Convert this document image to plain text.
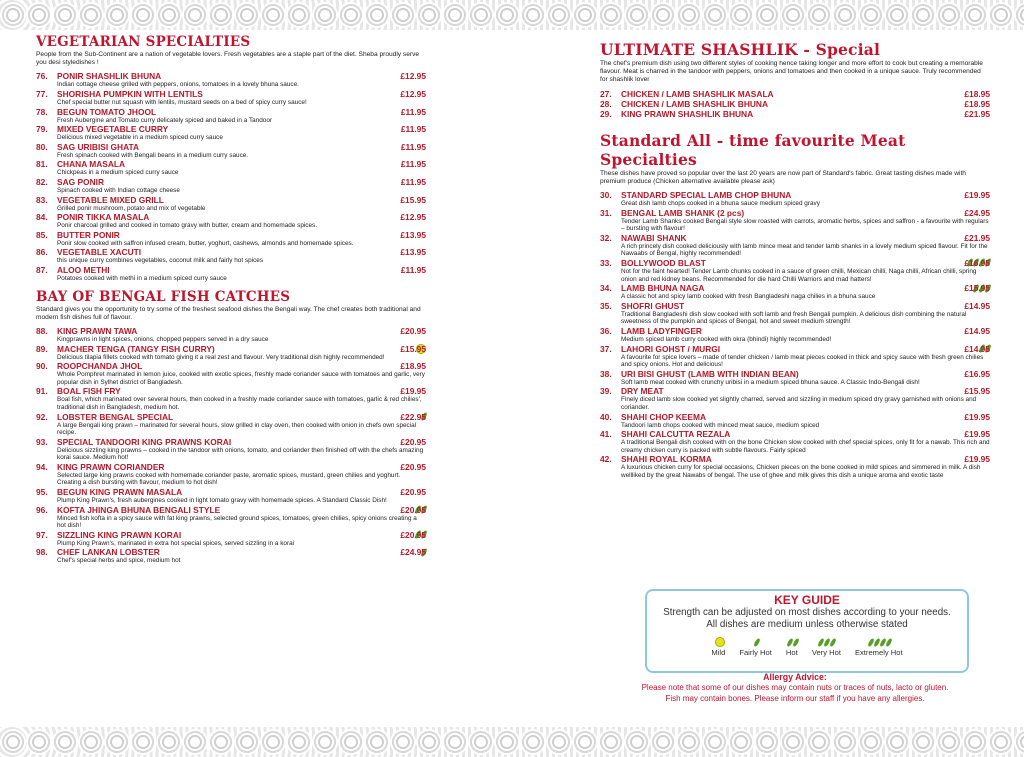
VEGETARIAN SPECIALTIES
People from the Sub-Continent are a nation of vegetable lovers. Fresh vegetables are a staple part of the diet. Sheba proudly serve you desi styledishes !
76.	PONIR SHASHLIK BHUNA	£12.95
Indian cottage cheese grilled with peppers, onions, tomatoes in a lovely bhuna sauce.
77.	SHORISHA PUMPKIN WITH LENTILS	£12.95
Chef special butter nut squash with lentils, mustard seeds on a bed of spicy curry sauce!
78.	BEGUN TOMATO JHOOL	£11.95
Fresh Aubergine and Tomato curry delicately spiced and baked in a Tandoor
79.	MIXED VEGETABLE CURRY	£11.95
Delicious mixed vegetable in a medium spiced curry sauce
80.	SAG URIBISI GHATA	£11.95
Fresh spinach cooked with Bengali beans in a medium curry sauce.
81.	CHANA MASALA	£11.95
Chickpeas in a medium spiced curry sauce
82.	SAG PONIR	£11.95
Spinach cooked with Indian cottage cheese
83.	VEGETABLE MIXED GRILL	£15.95
Grilled ponir mushroom, potato and mix of vegetable
84.	PONIR TIKKA MASALA	£12.95
Ponir charcoal grilled and cooked in tomato gravy with butter, cream and homemade spices.
85.	BUTTER PONIR	£13.95
Ponir slow cooked with saffron infused cream, butter, yoghurt, cashews, almonds and homemade spices.
86.	VEGETABLE XACUTI	£13.95
this unique curry combines vegetables, coconut milk and fairly hot spices
87.	ALOO METHI	£11.95
Potatoes cooked with methi in a medium spiced curry sauce
BAY OF BENGAL FISH CATCHES
Standard gives you the opportunity to try some of the freshest seafood dishes the Bengali way. The chef creates both traditional and modern fish dishes full of flavour.
88.	KING PRAWN TAWA	£20.95
Kingprawns in light spices, onions, chopped peppers served in a dry sauce
89.	MACHER TENGA (TANGY FISH CURRY)	£15.95
Delicious tilapia fillets cooked with tomato giving it a real zest and flavour. Very traditional dish highly recommended!
90.	ROOPCHANDA JHOL	£18.95
Whole Pomphret marinated in lemon juice, cooked with exotic spices, freshly made coriander sauce with tomatoes and garlic, very popular dish in Sylhet district of Bangladesh.
91.	BOAL FISH FRY	£19.95
Boal fish, which marinated over several hours, then cooked in a freshly made coriander sauce with tomatoes, garlic & red chilies', traditional dish in Bangladesh, medium hot.
92.	LOBSTER BENGAL SPECIAL	£22.95
A large Bengali king prawn – marinated for several hours, slow grilled in clay oven, then cooked with onion in chefs own special recipe.
93.	SPECIAL TANDOORI KING PRAWNS KORAI	£20.95
Delicious sizzling king prawns – cooked in the tandoor with onions, tomato, and coriander then finished off with the chefs amazing korai sauce. Medium hot!
94.	KING PRAWN CORIANDER	£20.95
Selected large king prawns cooked with homemade coriander paste, aromatic spices, mustard, green chilies and yoghurt. Creating a dish bursting with flavour, medium to hot dish!
95.	BEGUN KING PRAWN MASALA	£20.95
Plump King Prawn's, fresh aubergines cooked in light tomato gravy with homemade spices. A Standard Classic Dish!
96.	KOFTA JHINGA BHUNA BENGALI STYLE	£20.95
Minced fish kofta in a spicy sauce with fat king prawns, selected ground spices, tomatoes, green chilies, spicy onions creating a hot dish!
97.	SIZZLING KING PRAWN KORAI	£20.95
Plump King Prawn's, marinated in extra hot special spices, served sizzling in a korai
98.	CHEF LANKAN LOBSTER	£24.95
Chef's special herbs and spice, medium hot
ULTIMATE SHASHLIK - Special
The chef's premium dish using two different styles of cooking hence taking longer and more effort to cook but creating a memorable flavour. Meat is charred in the tandoor with peppers, onions and tomatoes and then cooked in a unique sauce. Truly recommended for shashlik lover
27.	CHICKEN / LAMB SHASHLIK MASALA	£18.95
28.	CHICKEN / LAMB SHASHLIK BHUNA	£18.95
29.	KING PRAWN SHASHLIK BHUNA	£21.95
Standard All - time favourite Meat Specialties
These dishes have proved so popular over the last 20 years are now part of Standard's fabric. Great tasting dishes made with premium produce (Chicken alternative available please ask)
30.	STANDARD SPECIAL LAMB CHOP BHUNA	£19.95
Great dish lamb chops cooked in a bhuna sauce medium spiced gravy
31.	BENGAL LAMB SHANK (2 pcs)	£24.95
Tender Lamb Shanks cooked Bengali style slow roasted with carrots, aromatic herbs, spices and saffron - a favourite with regulars – bursting with flavour!
32.	NAWABI SHANK	£21.95
A rich princely dish cooked deliciously with lamb mince meat and tender lamb shanks in a lovely medium spiced flavour. Fit for the Nawaabs of Bengal, highly recommended!
33.	BOLLYWOOD BLAST	£16.95
Not for the faint hearted! Tender Lamb chunks cooked in a sauce of green chilli, Mexican chilli, Naga chilli, African chilli, spring onion and red kidney beans. Recommended for die hard Chilli Warriors and mad hatters!
34.	LAMB BHUNA NAGA	£15.95
A classic hot and spicy lamb cooked with fresh Bangladeshi naga chilies in a bhuna sauce
35.	SHOFRI GHUST	£14.95
Traditional Bangladeshi dish slow cooked with soft lamb and fresh Bengali pumpkin. A delicious dish combining the natural sweetness of the pumpkin and spices of Bengal, hot and sweet medium strength!
36.	LAMB LADYFINGER	£14.95
Medium spiced lamb curry cooked with okra (bhindi) highly recommended!
37.	LAHORI GOHST / MURGI	£14.95
A favourite for spice lovers – made of tender chicken / lamb meat pieces cooked in thick and spicy sauce with fresh green chilies and spicy onions. Hot and delicious!
38.	URI BISI GHUST (LAMB WITH INDIAN BEAN)	£16.95
Soft lamb meat cooked with crunchy uribisi in a medium spiced bhuna sauce. A Classic Indo-Bengali dish!
39.	DRY MEAT	£15.95
Finely diced lamb slow cooked yet slightly charred, served and sizzling in medium spiced dry gravy garnished with onions and coriander.
40.	SHAHI CHOP KEEMA	£19.95
Tandoori lamb chops cooked with minced meat sauce, medium spiced
41.	SHAHI CALCUTTA REZALA	£19.95
A traditional Bengali dish cooked with on the bone Chicken slow cooked with chef special spices, only fit for a nawab. This rich and creamy chicken curry is packed with subtle flavours. Fairly spiced
42.	SHAHI ROYAL KORMA	£19.95
A luxurious chicken curry for special occasions, Chicken pieces on the bone cooked in mild spices and simmered in milk. A dish wellliked by the great Nawabs of bengal. The use of ghee and milk gives this dish a unique aroma and exotic taste
KEY GUIDE
Strength can be adjusted on most dishes according to your needs.
All dishes are medium unless otherwise stated
Mild Fairly Hot Hot Very Hot Extremely Hot
Allergy Advice:
Please note that some of our dishes may contain nuts or traces of nuts, lacto or gluten.
Fish may contain bones. Please inform our staff if you have any allergies.
